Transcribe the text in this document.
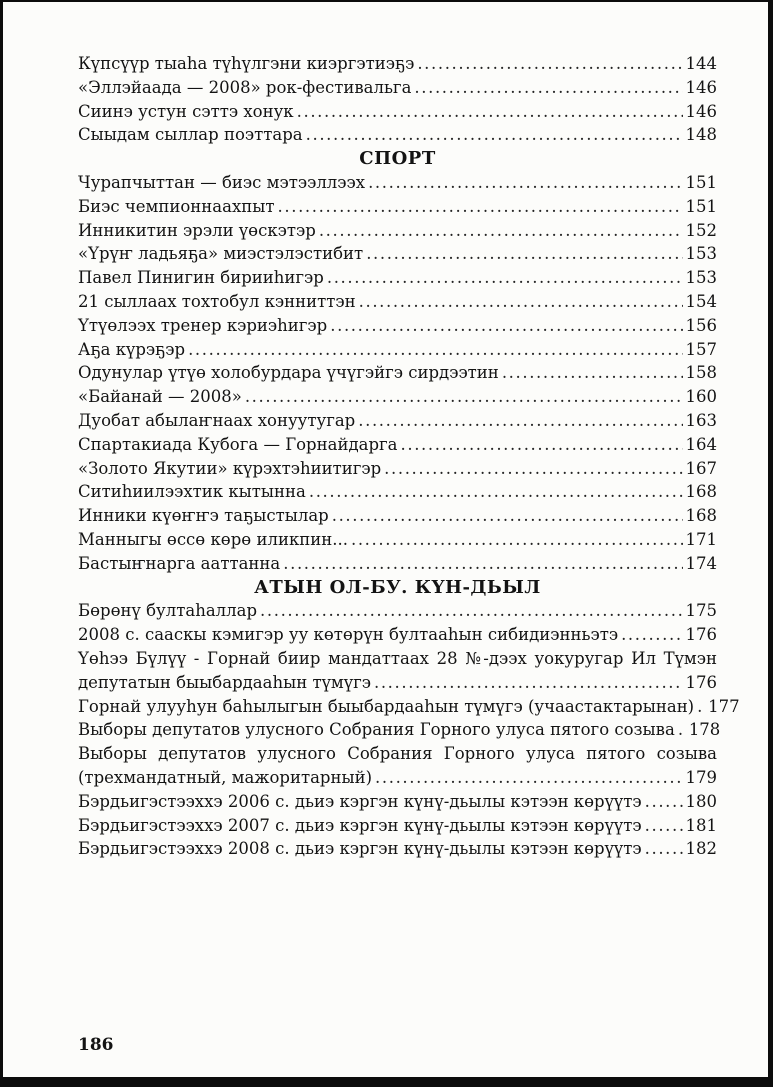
Күпсүүр тыаһа түһүлгэни киэргэтиэҕэ .....	144
«Эллэйаада — 2008» рок-фестивальга .....	146
Сиинэ устун сэттэ хонук .....	146
Сыыдам сыллар поэттара .....	148
СПОРТ
Чурапчыттан — биэс мэтээллээх .....	151
Биэс чемпионнаахпыт .....	151
Инникитин эрэли үөскэтэр .....	152
«Үрүҥ ладьяҕа» миэстэлэстибит .....	153
Павел Пинигин бирииһигэр .....	153
21 сыллаах тохтобул кэнниттэн .....	154
Үтүөлээх тренер кэриэһигэр .....	156
Аҕа күрэҕэр .....	157
Одунулар үтүө холобурдара үчүгэйгэ сирдээтин .....	158
«Байанай — 2008» .....	160
Дуобат абылаҥнаах хонуутугар .....	163
Спартакиада Кубога — Горнайдарга .....	164
«Золото Якутии» күрэхтэһиитигэр .....	167
Ситиһиилээхтик кытынна .....	168
Инники күөҥҥэ таҕыстылар .....	168
Манныгы өссө көрө иликпин... .....	171
Бастыҥнарга ааттанна .....	174
АТЫН ОЛ-БУ. КҮН-ДЬЫЛ
Бөрөнү бултаһаллар .....	175
2008 с. сааскы кэмигэр уу көтөрүн бултааһын сибидиэнньэтэ .....	176
Үөһээ Бүлүү - Горнай биир мандаттаах 28 №-дээх уокуругар Ил Түмэн
депутатын быыбардааһын түмүгэ .....	176
Горнай улууһун баһылыгын быыбардааһын түмүгэ (учаастактарынан) ..... 177
Выборы депутатов улусного Собрания Горного улуса пятого созыва ..... 178
Выборы депутатов улусного Собрания Горного улуса пятого созыва
(трехмандатный, мажоритарный) .....	179
Бэрдьигэстээххэ 2006 с. дьиэ кэргэн күнү-дьылы кэтээн көрүүтэ .....	180
Бэрдьигэстээххэ 2007 с. дьиэ кэргэн күнү-дьылы кэтээн көрүүтэ .....	181
Бэрдьигэстээххэ 2008 с. дьиэ кэргэн күнү-дьылы кэтээн көрүүтэ .....	182
186
